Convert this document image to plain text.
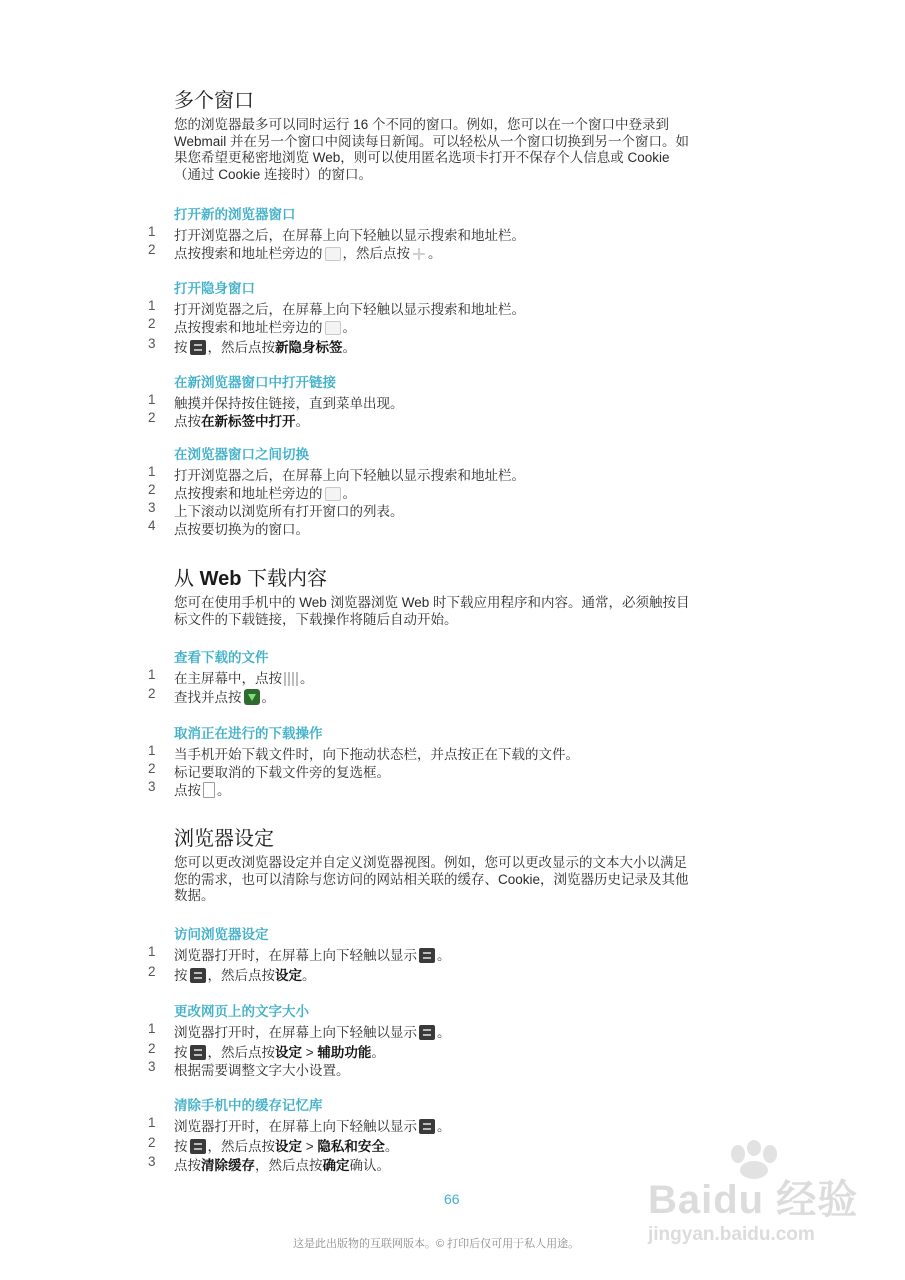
多个窗口
您的浏览器最多可以同时运行 16 个不同的窗口。例如，您可以在一个窗口中登录到
Webmail 并在另一个窗口中阅读每日新闻。可以轻松从一个窗口切换到另一个窗口。如
果您希望更秘密地浏览 Web，则可以使用匿名选项卡打开不保存个人信息或 Cookie
（通过 Cookie 连接时）的窗口。
打开新的浏览器窗口
1	打开浏览器之后，在屏幕上向下轻触以显示搜索和地址栏。
2	点按搜索和地址栏旁边的 ，然后点按 。
打开隐身窗口
1	打开浏览器之后，在屏幕上向下轻触以显示搜索和地址栏。
2	点按搜索和地址栏旁边的 。
3	按 ，然后点按新隐身标签。
在新浏览器窗口中打开链接
1	触摸并保持按住链接，直到菜单出现。
2	点按在新标签中打开。
在浏览器窗口之间切换
1	打开浏览器之后，在屏幕上向下轻触以显示搜索和地址栏。
2	点按搜索和地址栏旁边的 。
3	上下滚动以浏览所有打开窗口的列表。
4	点按要切换为的窗口。
从 Web 下载内容
您可在使用手机中的 Web 浏览器浏览 Web 时下载应用程序和内容。通常，必须触按目
标文件的下载链接，下载操作将随后自动开始。
查看下载的文件
1	在主屏幕中，点按 。
2	查找并点按 。
取消正在进行的下载操作
1	当手机开始下载文件时，向下拖动状态栏，并点按正在下载的文件。
2	标记要取消的下载文件旁的复选框。
3	点按 。
浏览器设定
您可以更改浏览器设定并自定义浏览器视图。例如，您可以更改显示的文本大小以满足
您的需求，也可以清除与您访问的网站相关联的缓存、Cookie，浏览器历史记录及其他
数据。
访问浏览器设定
1	浏览器打开时，在屏幕上向下轻触以显示 。
2	按 ，然后点按设定。
更改网页上的文字大小
1	浏览器打开时，在屏幕上向下轻触以显示 。
2	按 ，然后点按设定 > 辅助功能。
3	根据需要调整文字大小设置。
清除手机中的缓存记忆库
1	浏览器打开时，在屏幕上向下轻触以显示 。
2	按 ，然后点按设定 > 隐私和安全。
3	点按清除缓存，然后点按确定确认。
66
这是此出版物的互联网版本。© 打印后仅可用于私人用途。
Baidu 经验
jingyan.baidu.com
